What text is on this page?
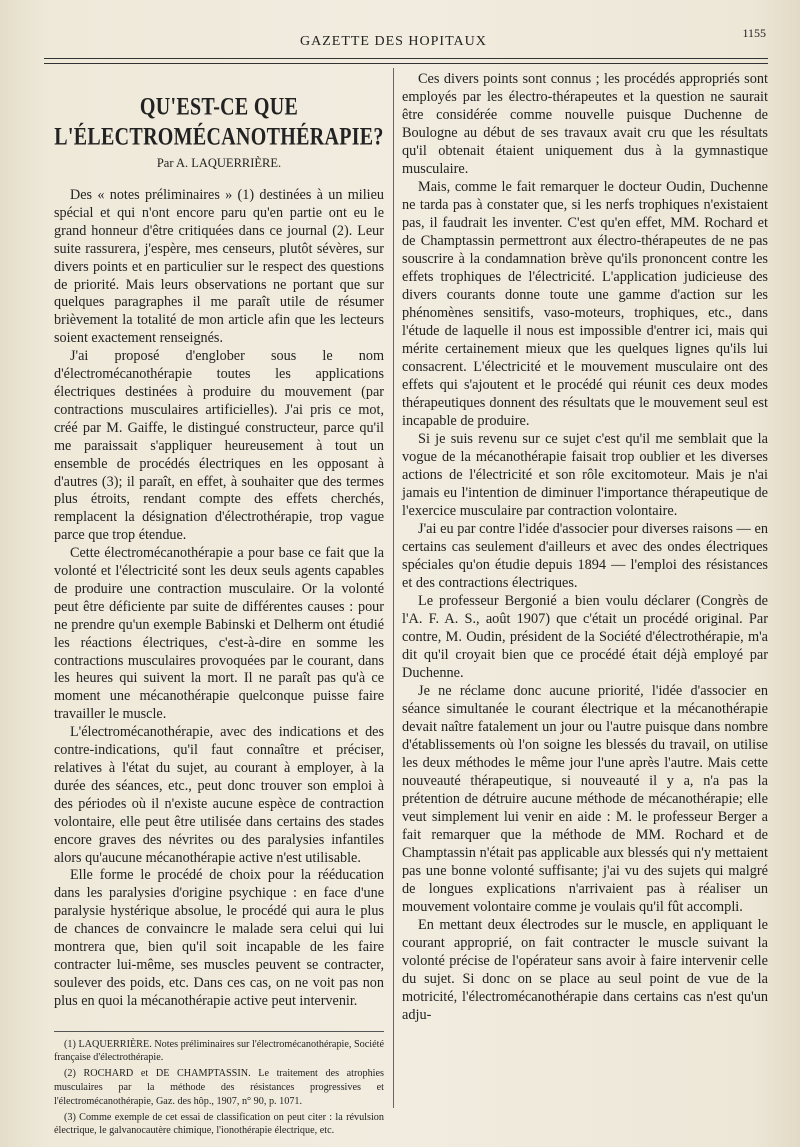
GAZETTE DES HOPITAUX
1155
QU'EST-CE QUE L'ÉLECTROMÉCANOTHÉRAPIE?
Par A. LAQUERRIÈRE.

Des « notes préliminaires » (1) destinées à un milieu spécial et qui n'ont encore paru qu'en partie ont eu le grand honneur d'être critiquées dans ce journal (2). Leur suite rassurera, j'espère, mes censeurs, plutôt sévères, sur divers points et en particulier sur le respect des questions de priorité. Mais leurs observations ne portant que sur quelques paragraphes il me paraît utile de résumer brièvement la totalité de mon article afin que les lecteurs soient exactement renseignés.

J'ai proposé d'englober sous le nom d'électromécanothérapie toutes les applications électriques destinées à produire du mouvement (par contractions musculaires artificielles). J'ai pris ce mot, créé par M. Gaiffe, le distingué constructeur, parce qu'il me paraissait s'appliquer heureusement à tout un ensemble de procédés électriques en les opposant à d'autres (3); il paraît, en effet, à souhaiter que des termes plus étroits, rendant compte des effets cherchés, remplacent la désignation d'électrothérapie, trop vague parce que trop étendue.

Cette électromécanothérapie a pour base ce fait que la volonté et l'électricité sont les deux seuls agents capables de produire une contraction musculaire. Or la volonté peut être déficiente par suite de différentes causes : pour ne prendre qu'un exemple Babinski et Delherm ont étudié les réactions électriques, c'est-à-dire en somme les contractions musculaires provoquées par le courant, dans les heures qui suivent la mort. Il ne paraît pas qu'à ce moment une mécanothérapie quelconque puisse faire travailler le muscle.

L'électromécanothérapie, avec des indications et des contre-indications, qu'il faut connaître et préciser, relatives à l'état du sujet, au courant à employer, à la durée des séances, etc., peut donc trouver son emploi à des périodes où il n'existe aucune espèce de contraction volontaire, elle peut être utilisée dans certains des stades encore graves des névrites ou des paralysies infantiles alors qu'aucune mécanothérapie active n'est utilisable.

Elle forme le procédé de choix pour la rééducation dans les paralysies d'origine psychique : en face d'une paralysie hystérique absolue, le procédé qui aura le plus de chances de convaincre le malade sera celui qui lui montrera que, bien qu'il soit incapable de les faire contracter lui-même, ses muscles peuvent se contracter, soulever des poids, etc. Dans ces cas, on ne voit pas non plus en quoi la mécanothérapie active peut intervenir.

(1) LAQUERRIÈRE. Notes préliminaires sur l'électromécanothérapie, Société française d'électrothérapie.

(2) ROCHARD et DE CHAMPTASSIN. Le traitement des atrophies musculaires par la méthode des résistances progressives et l'électromécanothérapie, Gaz. des hôp., 1907, n° 90, p. 1071.

(3) Comme exemple de cet essai de classification on peut citer : la révulsion électrique, le galvanocautère chimique, l'ionothérapie électrique, etc.

Ces divers points sont connus ; les procédés appropriés sont employés par les électro-thérapeutes et la question ne saurait être considérée comme nouvelle puisque Duchenne de Boulogne au début de ses travaux avait cru que les résultats qu'il obtenait étaient uniquement dus à la gymnastique musculaire.

Mais, comme le fait remarquer le docteur Oudin, Duchenne ne tarda pas à constater que, si les nerfs trophiques n'existaient pas, il faudrait les inventer. C'est qu'en effet, MM. Rochard et de Champtassin permettront aux électro-thérapeutes de ne pas souscrire à la condamnation brève qu'ils prononcent contre les effets trophiques de l'électricité. L'application judicieuse des divers courants donne toute une gamme d'action sur les phénomènes sensitifs, vaso-moteurs, trophiques, etc., dans l'étude de laquelle il nous est impossible d'entrer ici, mais qui mérite certainement mieux que les quelques lignes qu'ils lui consacrent. L'électricité et le mouvement musculaire ont des effets qui s'ajoutent et le procédé qui réunit ces deux modes thérapeutiques donnent des résultats que le mouvement seul est incapable de produire.

Si je suis revenu sur ce sujet c'est qu'il me semblait que la vogue de la mécanothérapie faisait trop oublier et les diverses actions de l'électricité et son rôle excitomoteur. Mais je n'ai jamais eu l'intention de diminuer l'importance thérapeutique de l'exercice musculaire par contraction volontaire.

J'ai eu par contre l'idée d'associer pour diverses raisons — en certains cas seulement d'ailleurs et avec des ondes électriques spéciales qu'on étudie depuis 1894 — l'emploi des résistances et des contractions électriques.

Le professeur Bergonié a bien voulu déclarer (Congrès de l'A. F. A. S., août 1907) que c'était un procédé original. Par contre, M. Oudin, président de la Société d'électrothérapie, m'a dit qu'il croyait bien que ce procédé était déjà employé par Duchenne.

Je ne réclame donc aucune priorité, l'idée d'associer en séance simultanée le courant électrique et la mécanothérapie devait naître fatalement un jour ou l'autre puisque dans nombre d'établissements où l'on soigne les blessés du travail, on utilise les deux méthodes le même jour l'une après l'autre. Mais cette nouveauté thérapeutique, si nouveauté il y a, n'a pas la prétention de détruire aucune méthode de mécanothérapie; elle veut simplement lui venir en aide : M. le professeur Berger a fait remarquer que la méthode de MM. Rochard et de Champtassin n'était pas applicable aux blessés qui n'y mettaient pas une bonne volonté suffisante; j'ai vu des sujets qui malgré de longues explications n'arrivaient pas à réaliser un mouvement volontaire comme je voulais qu'il fût accompli.

En mettant deux électrodes sur le muscle, en appliquant le courant approprié, on fait contracter le muscle suivant la volonté précise de l'opérateur sans avoir à faire intervenir celle du sujet. Si donc on se place au seul point de vue de la motricité, l'électromécanothérapie dans certains cas n'est qu'un adju-
